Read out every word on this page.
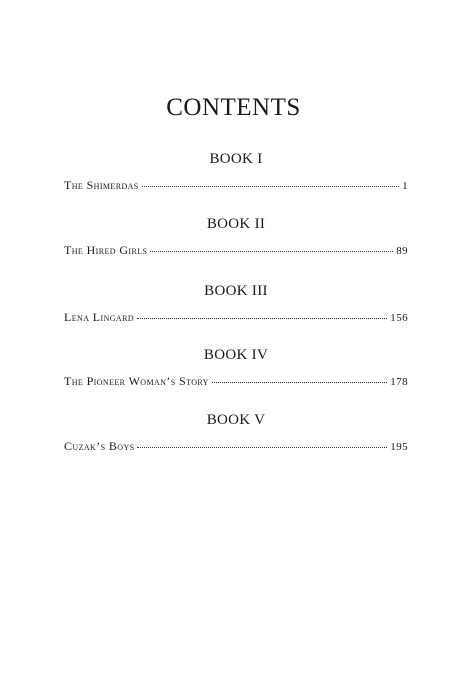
CONTENTS
BOOK I
The Shimerdas	1
BOOK II
The Hired Girls	89
BOOK III
Lena Lingard	156
BOOK IV
The Pioneer Woman’s Story	178
BOOK V
Cuzak’s Boys	195
